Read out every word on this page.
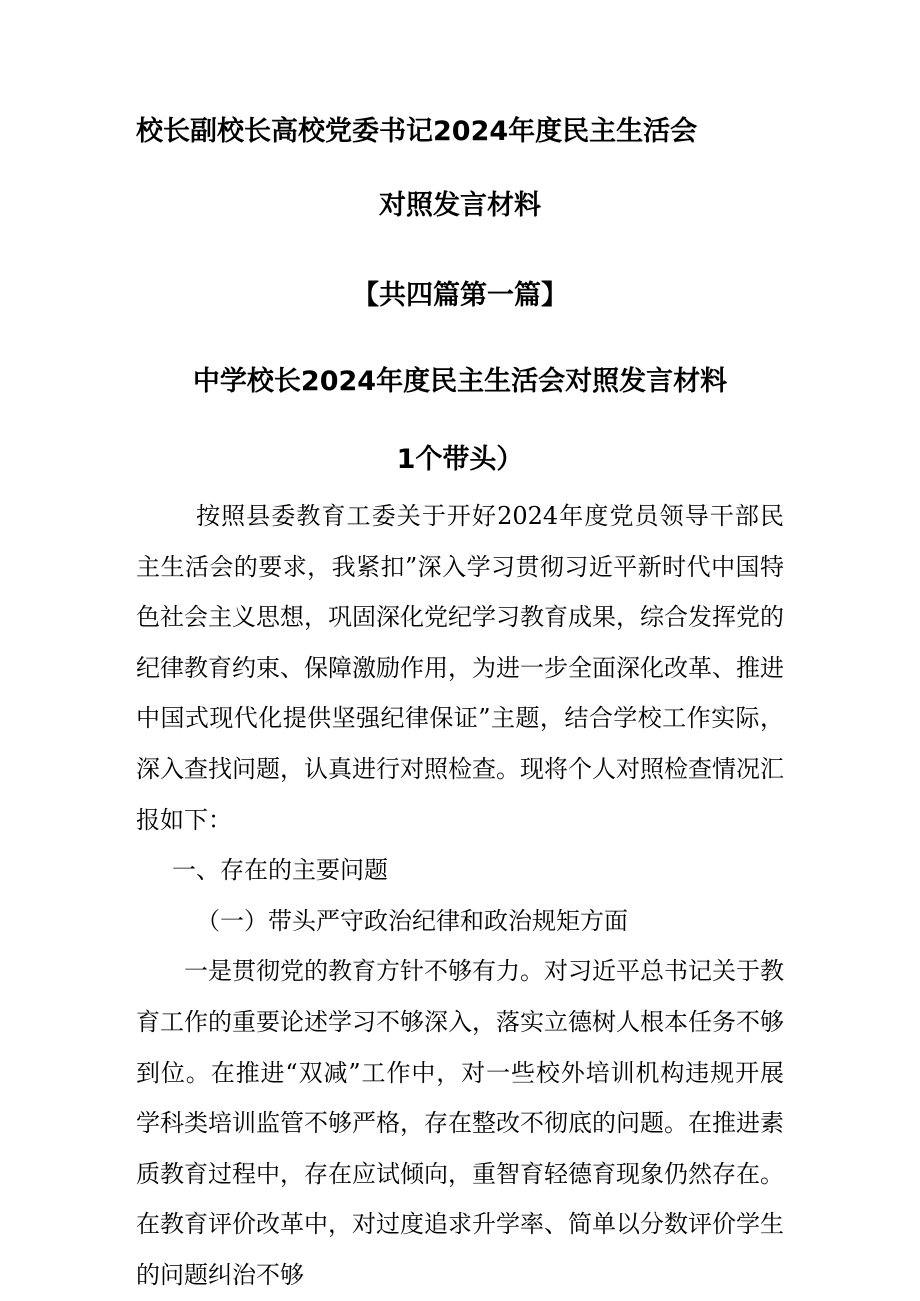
校长副校长高校党委书记2024年度民主生活会
对照发言材料
【共四篇第一篇】
中学校长2024年度民主生活会对照发言材料
1个带头）

按照县委教育工委关于开好2024年度党员领导干部民主生活会的要求，我紧扣”深入学习贯彻习近平新时代中国特色社会主义思想，巩固深化党纪学习教育成果，综合发挥党的纪律教育约束、保障激励作用，为进一步全面深化改革、推进中国式现代化提供坚强纪律保证”主题，结合学校工作实际，深入查找问题，认真进行对照检查。现将个人对照检查情况汇报如下：

一、存在的主要问题

（一）带头严守政治纪律和政治规矩方面

一是贯彻党的教育方针不够有力。对习近平总书记关于教育工作的重要论述学习不够深入，落实立德树人根本任务不够到位。在推进“双减”工作中，对一些校外培训机构违规开展学科类培训监管不够严格，存在整改不彻底的问题。在推进素质教育过程中，存在应试倾向，重智育轻德育现象仍然存在。在教育评价改革中，对过度追求升学率、简单以分数评价学生的问题纠治不够
